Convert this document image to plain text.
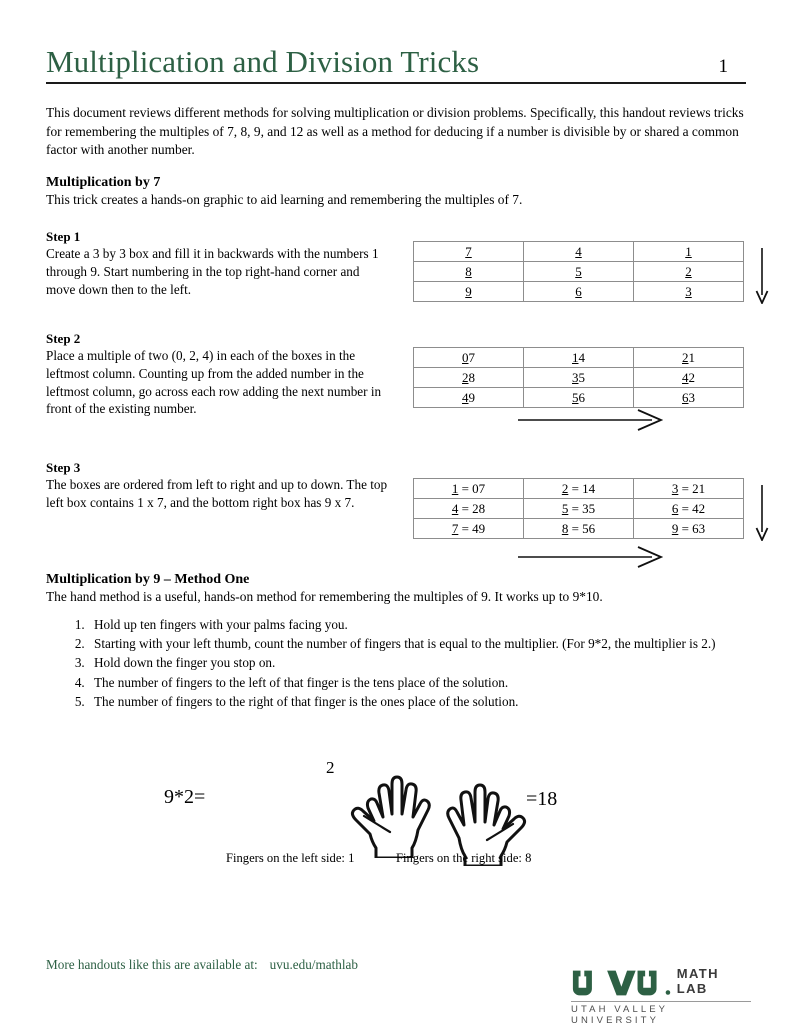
Multiplication and Division Tricks	1
This document reviews different methods for solving multiplication or division problems. Specifically, this handout reviews tricks for remembering the multiples of 7, 8, 9, and 12 as well as a method for deducing if a number is divisible by or shared a common factor with another number.
Multiplication by 7
This trick creates a hands-on graphic to aid learning and remembering the multiples of 7.
Step 1
Create a 3 by 3 box and fill it in backwards with the numbers 1 through 9. Start numbering in the top right-hand corner and move down then to the left.
Step 2
Place a multiple of two (0, 2, 4) in each of the boxes in the leftmost column. Counting up from the added number in the leftmost column, go across each row adding the next number in front of the existing number.
Step 3
The boxes are ordered from left to right and up to down. The top left box contains 1 x 7, and the bottom right box has 9 x 7.
7	4	1
8	5	2
9	6	3
07	14	21
28	35	42
49	56	63
1 = 07	2 = 14	3 = 21
4 = 28	5 = 35	6 = 42
7 = 49	8 = 56	9 = 63
Multiplication by 9 – Method One
The hand method is a useful, hands-on method for remembering the multiples of 9. It works up to 9*10.
1. Hold up ten fingers with your palms facing you.
2. Starting with your left thumb, count the number of fingers that is equal to the multiplier. (For 9*2, the multiplier is 2.)
3. Hold down the finger you stop on.
4. The number of fingers to the left of that finger is the tens place of the solution.
5. The number of fingers to the right of that finger is the ones place of the solution.
9*2=
2
=18
Fingers on the left side: 1	Fingers on the right side: 8
More handouts like this are available at: uvu.edu/mathlab
MATH LAB
UTAH VALLEY UNIVERSITY
